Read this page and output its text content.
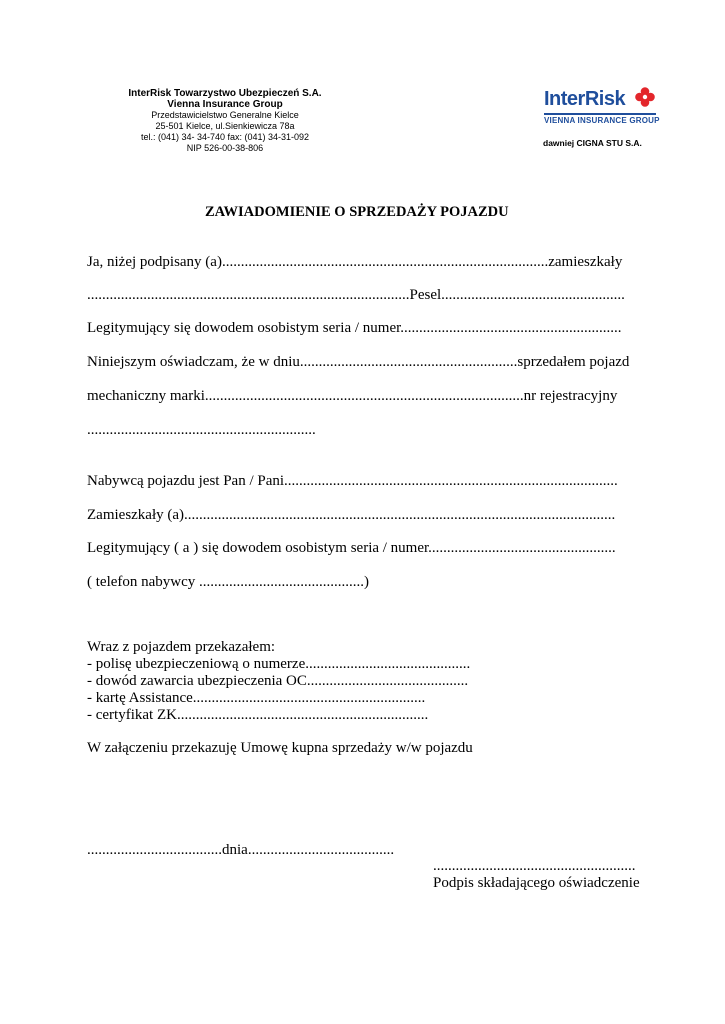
InterRisk Towarzystwo Ubezpieczeń S.A.
Vienna Insurance Group
Przedstawicielstwo Generalne Kielce
25-501 Kielce, ul.Sienkiewicza 78a
tel.: (041) 34- 34-740 fax: (041) 34-31-092
NIP 526-00-38-806
InterRisk
VIENNA INSURANCE GROUP
dawniej CIGNA STU S.A.
ZAWIADOMIENIE O SPRZEDAŻY POJAZDU
Ja, niżej podpisany (a).......................................................................................zamieszkały
......................................................................................Pesel.................................................
Legitymujący się dowodem osobistym seria / numer...........................................................
Niniejszym oświadczam, że w dniu..........................................................sprzedałem pojazd
mechaniczny marki.....................................................................................nr rejestracyjny
.............................................................
Nabywcą pojazdu jest Pan / Pani.........................................................................................
Zamieszkały (a)...................................................................................................................
Legitymujący ( a ) się dowodem osobistym seria / numer..................................................
( telefon nabywcy ............................................)
Wraz z pojazdem przekazałem:
- polisę ubezpieczeniową o numerze............................................
- dowód zawarcia ubezpieczenia OC...........................................
- kartę Assistance..............................................................
- certyfikat ZK...................................................................
W załączeniu przekazuję Umowę kupna sprzedaży w/w pojazdu
....................................dnia.......................................
......................................................
Podpis składającego oświadczenie
